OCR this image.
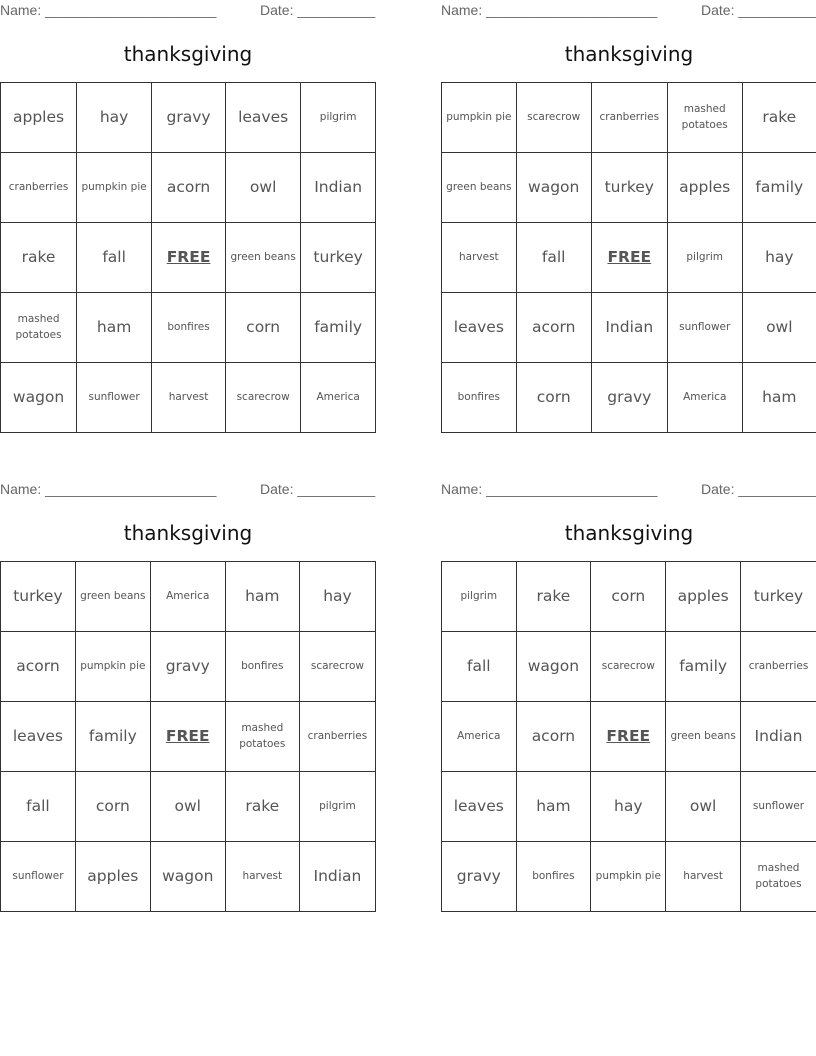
Name: ______________________	Date: __________
thanksgiving
apples	hay	gravy	leaves	pilgrim
cranberries	pumpkin pie	acorn	owl	Indian
rake	fall	FREE	green beans	turkey
mashed potatoes	ham	bonfires	corn	family
wagon	sunflower	harvest	scarecrow	America
Name: ______________________	Date: __________
thanksgiving
pumpkin pie	scarecrow	cranberries	mashed potatoes	rake
green beans	wagon	turkey	apples	family
harvest	fall	FREE	pilgrim	hay
leaves	acorn	Indian	sunflower	owl
bonfires	corn	gravy	America	ham
Name: ______________________	Date: __________
thanksgiving
turkey	green beans	America	ham	hay
acorn	pumpkin pie	gravy	bonfires	scarecrow
leaves	family	FREE	mashed potatoes	cranberries
fall	corn	owl	rake	pilgrim
sunflower	apples	wagon	harvest	Indian
Name: ______________________	Date: __________
thanksgiving
pilgrim	rake	corn	apples	turkey
fall	wagon	scarecrow	family	cranberries
America	acorn	FREE	green beans	Indian
leaves	ham	hay	owl	sunflower
gravy	bonfires	pumpkin pie	harvest	mashed potatoes
